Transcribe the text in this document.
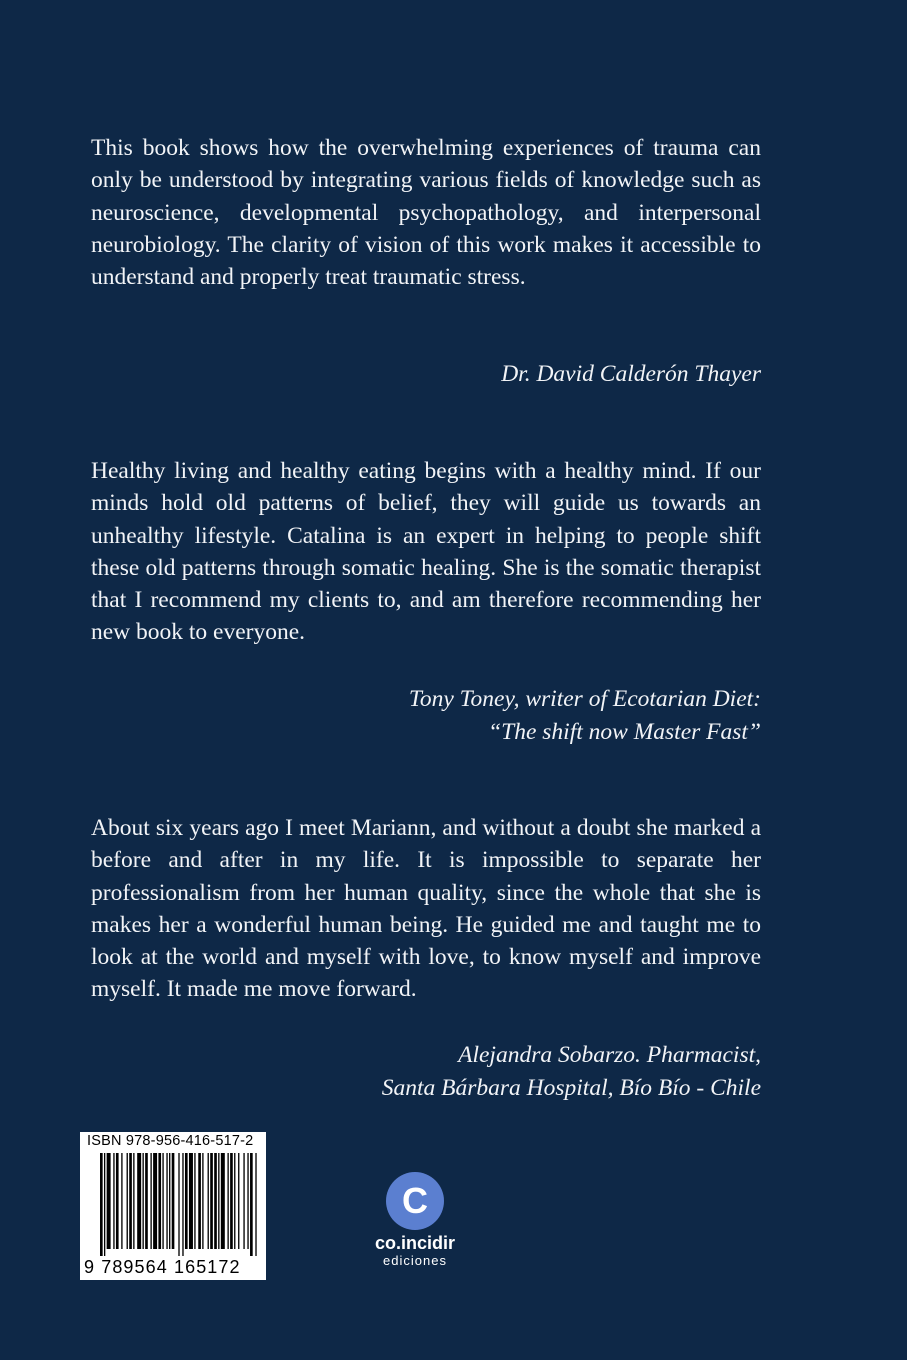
This book shows how the overwhelming experiences of trauma can only be understood by integrating various fields of knowledge such as neuroscience, developmental psychopathology, and interpersonal neurobiology. The clarity of vision of this work makes it accessible to understand and properly treat traumatic stress.

Dr. David Calderón Thayer

Healthy living and healthy eating begins with a healthy mind. If our minds hold old patterns of belief, they will guide us towards an unhealthy lifestyle. Catalina is an expert in helping to people shift these old patterns through somatic healing. She is the somatic therapist that I recommend my clients to, and am therefore recommending her new book to everyone.

Tony Toney, writer of Ecotarian Diet:
“The shift now Master Fast”

About six years ago I meet Mariann, and without a doubt she marked a before and after in my life. It is impossible to separate her professionalism from her human quality, since the whole that she is makes her a wonderful human being. He guided me and taught me to look at the world and myself with love, to know myself and improve myself. It made me move forward.

Alejandra Sobarzo. Pharmacist,
Santa Bárbara Hospital, Bío Bío - Chile
ISBN 978-956-416-517-2
9 789564 165172
C
co.incidir
ediciones
